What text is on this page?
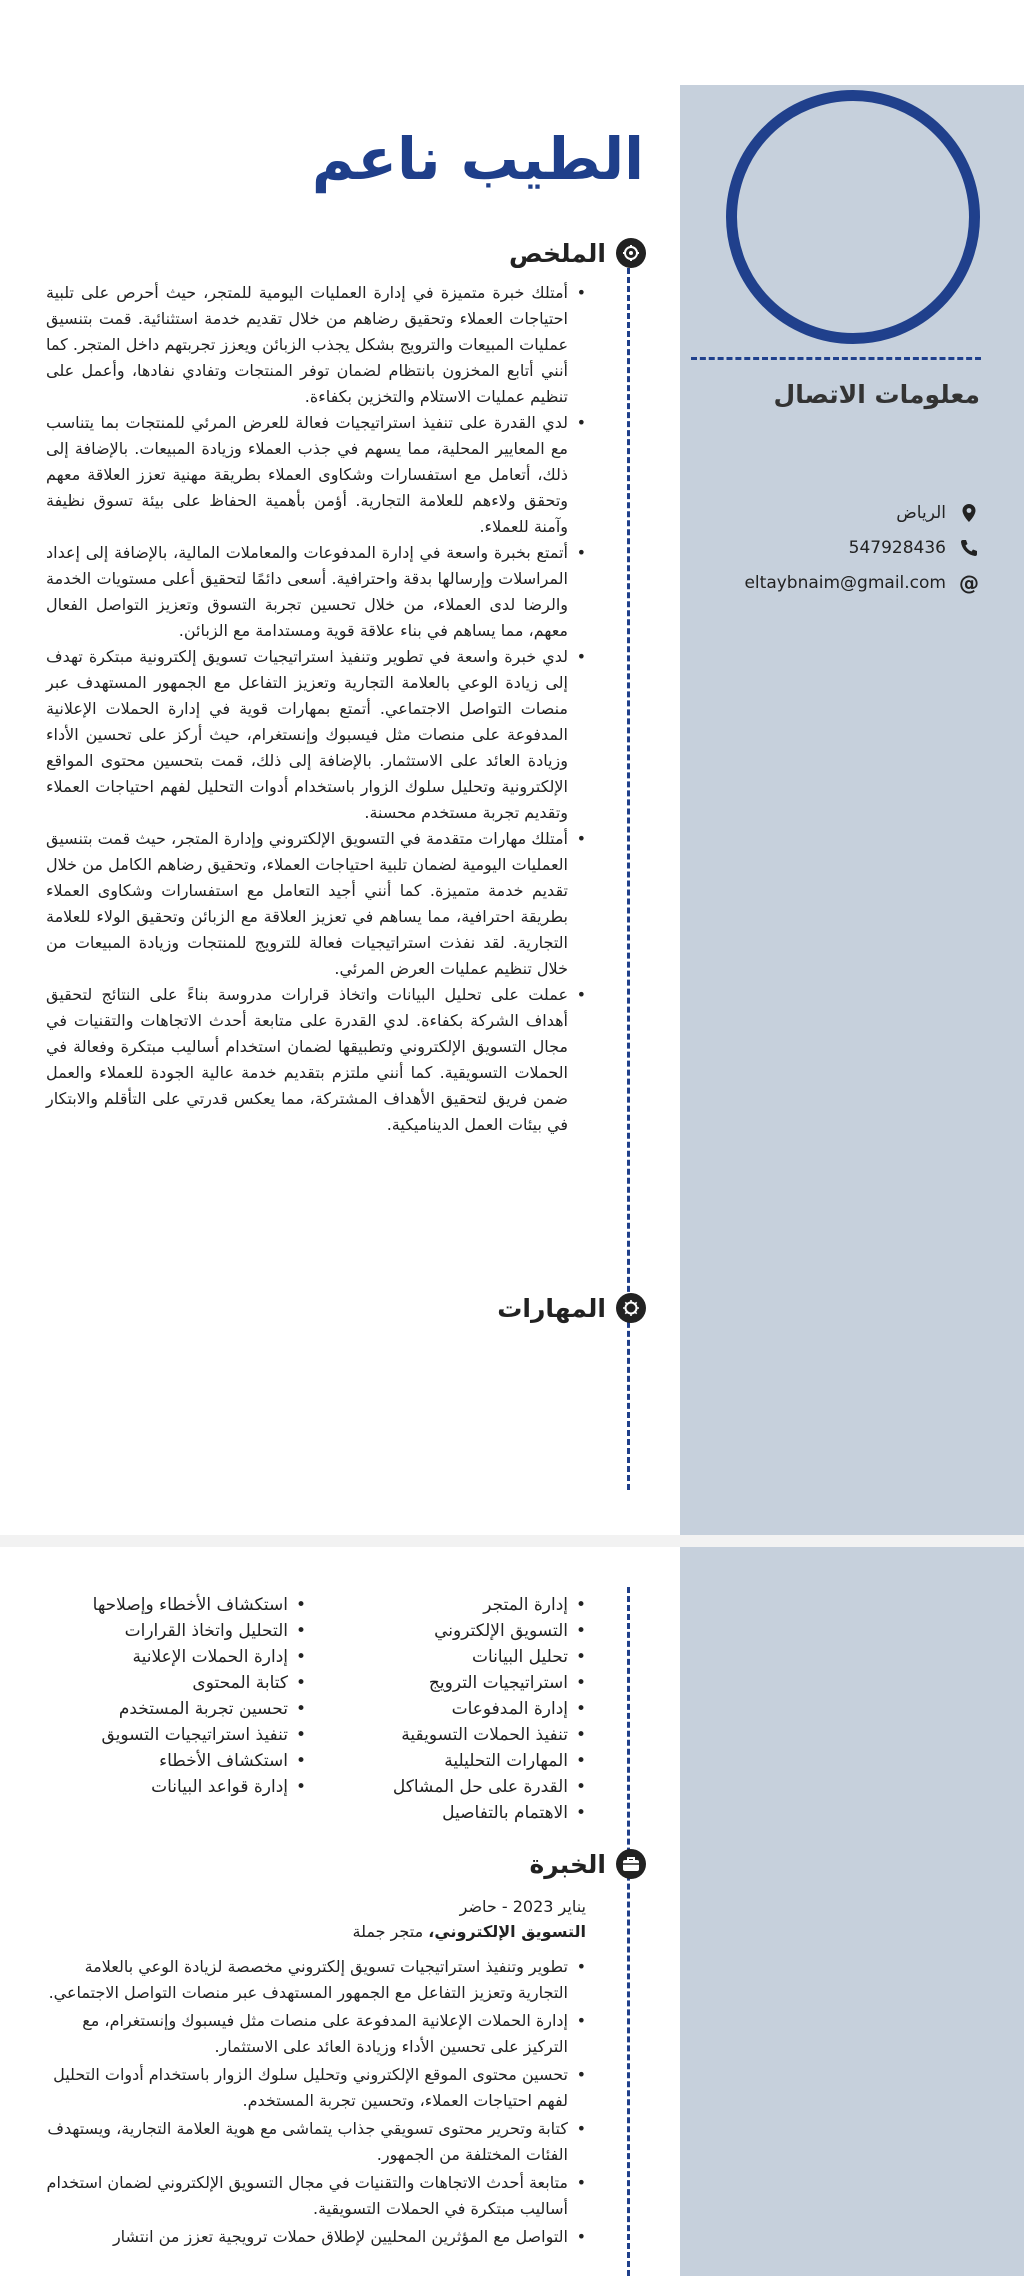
معلومات الاتصال
الرياض
547928436
@
eltaybnaim@gmail.com
الطيب ناعم
الملخص
• أمتلك خبرة متميزة في إدارة العمليات اليومية للمتجر، حيث أحرص على تلبية احتياجات العملاء وتحقيق رضاهم من خلال تقديم خدمة استثنائية. قمت بتنسيق عمليات المبيعات والترويج بشكل يجذب الزبائن ويعزز تجربتهم داخل المتجر. كما أنني أتابع المخزون بانتظام لضمان توفر المنتجات وتفادي نفادها، وأعمل على تنظيم عمليات الاستلام والتخزين بكفاءة.
• لدي القدرة على تنفيذ استراتيجيات فعالة للعرض المرئي للمنتجات بما يتناسب مع المعايير المحلية، مما يسهم في جذب العملاء وزيادة المبيعات. بالإضافة إلى ذلك، أتعامل مع استفسارات وشكاوى العملاء بطريقة مهنية تعزز العلاقة معهم وتحقق ولاءهم للعلامة التجارية. أؤمن بأهمية الحفاظ على بيئة تسوق نظيفة وآمنة للعملاء.
• أتمتع بخبرة واسعة في إدارة المدفوعات والمعاملات المالية، بالإضافة إلى إعداد المراسلات وإرسالها بدقة واحترافية. أسعى دائمًا لتحقيق أعلى مستويات الخدمة والرضا لدى العملاء، من خلال تحسين تجربة التسوق وتعزيز التواصل الفعال معهم، مما يساهم في بناء علاقة قوية ومستدامة مع الزبائن.
• لدي خبرة واسعة في تطوير وتنفيذ استراتيجيات تسويق إلكترونية مبتكرة تهدف إلى زيادة الوعي بالعلامة التجارية وتعزيز التفاعل مع الجمهور المستهدف عبر منصات التواصل الاجتماعي. أتمتع بمهارات قوية في إدارة الحملات الإعلانية المدفوعة على منصات مثل فيسبوك وإنستغرام، حيث أركز على تحسين الأداء وزيادة العائد على الاستثمار. بالإضافة إلى ذلك، قمت بتحسين محتوى المواقع الإلكترونية وتحليل سلوك الزوار باستخدام أدوات التحليل لفهم احتياجات العملاء وتقديم تجربة مستخدم محسنة.
• أمتلك مهارات متقدمة في التسويق الإلكتروني وإدارة المتجر، حيث قمت بتنسيق العمليات اليومية لضمان تلبية احتياجات العملاء، وتحقيق رضاهم الكامل من خلال تقديم خدمة متميزة. كما أنني أجيد التعامل مع استفسارات وشكاوى العملاء بطريقة احترافية، مما يساهم في تعزيز العلاقة مع الزبائن وتحقيق الولاء للعلامة التجارية. لقد نفذت استراتيجيات فعالة للترويج للمنتجات وزيادة المبيعات من خلال تنظيم عمليات العرض المرئي.
• عملت على تحليل البيانات واتخاذ قرارات مدروسة بناءً على النتائج لتحقيق أهداف الشركة بكفاءة. لدي القدرة على متابعة أحدث الاتجاهات والتقنيات في مجال التسويق الإلكتروني وتطبيقها لضمان استخدام أساليب مبتكرة وفعالة في الحملات التسويقية. كما أنني ملتزم بتقديم خدمة عالية الجودة للعملاء والعمل ضمن فريق لتحقيق الأهداف المشتركة، مما يعكس قدرتي على التأقلم والابتكار في بيئات العمل الديناميكية.
المهارات
• إدارة المتجر
• التسويق الإلكتروني
• تحليل البيانات
• استراتيجيات الترويج
• إدارة المدفوعات
• تنفيذ الحملات التسويقية
• المهارات التحليلية
• القدرة على حل المشاكل
• الاهتمام بالتفاصيل
• استكشاف الأخطاء وإصلاحها
• التحليل واتخاذ القرارات
• إدارة الحملات الإعلانية
• كتابة المحتوى
• تحسين تجربة المستخدم
• تنفيذ استراتيجيات التسويق
• استكشاف الأخطاء
• إدارة قواعد البيانات
الخبرة
يناير 2023 - حاضر
التسويق الإلكتروني، متجر جملة
• تطوير وتنفيذ استراتيجيات تسويق إلكتروني مخصصة لزيادة الوعي بالعلامة التجارية وتعزيز التفاعل مع الجمهور المستهدف عبر منصات التواصل الاجتماعي.
• إدارة الحملات الإعلانية المدفوعة على منصات مثل فيسبوك وإنستغرام، مع التركيز على تحسين الأداء وزيادة العائد على الاستثمار.
• تحسين محتوى الموقع الإلكتروني وتحليل سلوك الزوار باستخدام أدوات التحليل لفهم احتياجات العملاء، وتحسين تجربة المستخدم.
• كتابة وتحرير محتوى تسويقي جذاب يتماشى مع هوية العلامة التجارية، ويستهدف الفئات المختلفة من الجمهور.
• متابعة أحدث الاتجاهات والتقنيات في مجال التسويق الإلكتروني لضمان استخدام أساليب مبتكرة في الحملات التسويقية.
• التواصل مع المؤثرين المحليين لإطلاق حملات ترويجية تعزز من انتشار
